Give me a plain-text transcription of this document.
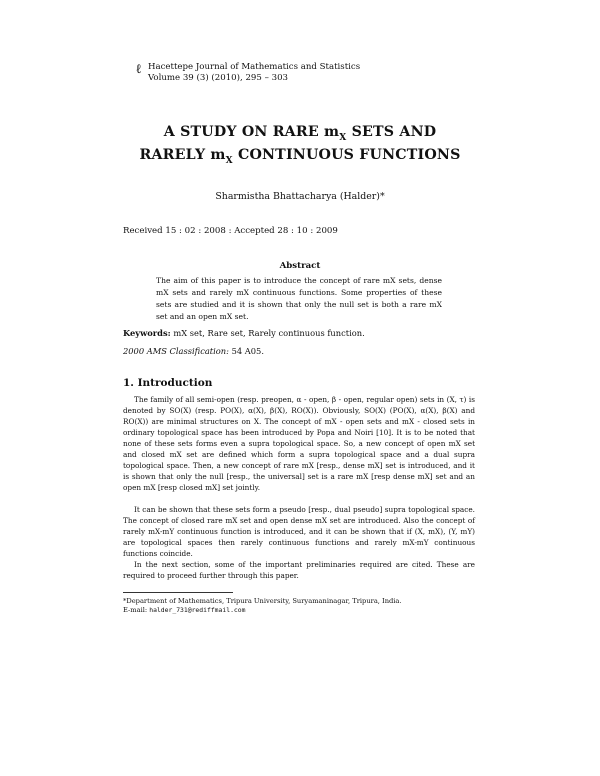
ℓ Hacettepe Journal of Mathematics and Statistics
Volume 39 (3) (2010), 295 – 303
A STUDY ON RARE $m_X$ SETS AND
RARELY $m_X$ CONTINUOUS FUNCTIONS
Sharmistha Bhattacharya (Halder)*
Received 15 : 02 : 2008 : Accepted 28 : 10 : 2009
Abstract
The aim of this paper is to introduce the concept of rare mX sets, dense mX sets and rarely mX continuous functions. Some properties of these sets are studied and it is shown that only the null set is both a rare mX set and an open mX set.
Keywords: mX set, Rare set, Rarely continuous function.
2000 AMS Classification: 54 A05.
1. Introduction

The family of all semi-open (resp. preopen, α - open, β - open, regular open) sets in (X, τ) is denoted by SO(X) (resp. PO(X), α(X), β(X), RO(X)). Obviously, SO(X) (PO(X), α(X), β(X) and RO(X)) are minimal structures on X. The concept of mX - open sets and mX - closed sets in ordinary topological space has been introduced by Popa and Noiri [10]. It is to be noted that none of these sets forms even a supra topological space. So, a new concept of open mX set and closed mX set are defined which form a supra topological space and a dual supra topological space. Then, a new concept of rare mX [resp., dense mX] set is introduced, and it is shown that only the null [resp., the universal] set is a rare mX [resp dense mX] set and an open mX [resp closed mX] set jointly.

It can be shown that these sets form a pseudo [resp., dual pseudo] supra topological space. The concept of closed rare mX set and open dense mX set are introduced. Also the concept of rarely mX-mY continuous function is introduced, and it can be shown that if (X, mX), (Y, mY) are topological spaces then rarely continuous functions and rarely mX-mY continuous functions coincide.

In the next section, some of the important preliminaries required are cited. These are required to proceed further through this paper.

*Department of Mathematics, Tripura University, Suryamaninagar, Tripura, India.
E-mail: halder_731@rediffmail.com
